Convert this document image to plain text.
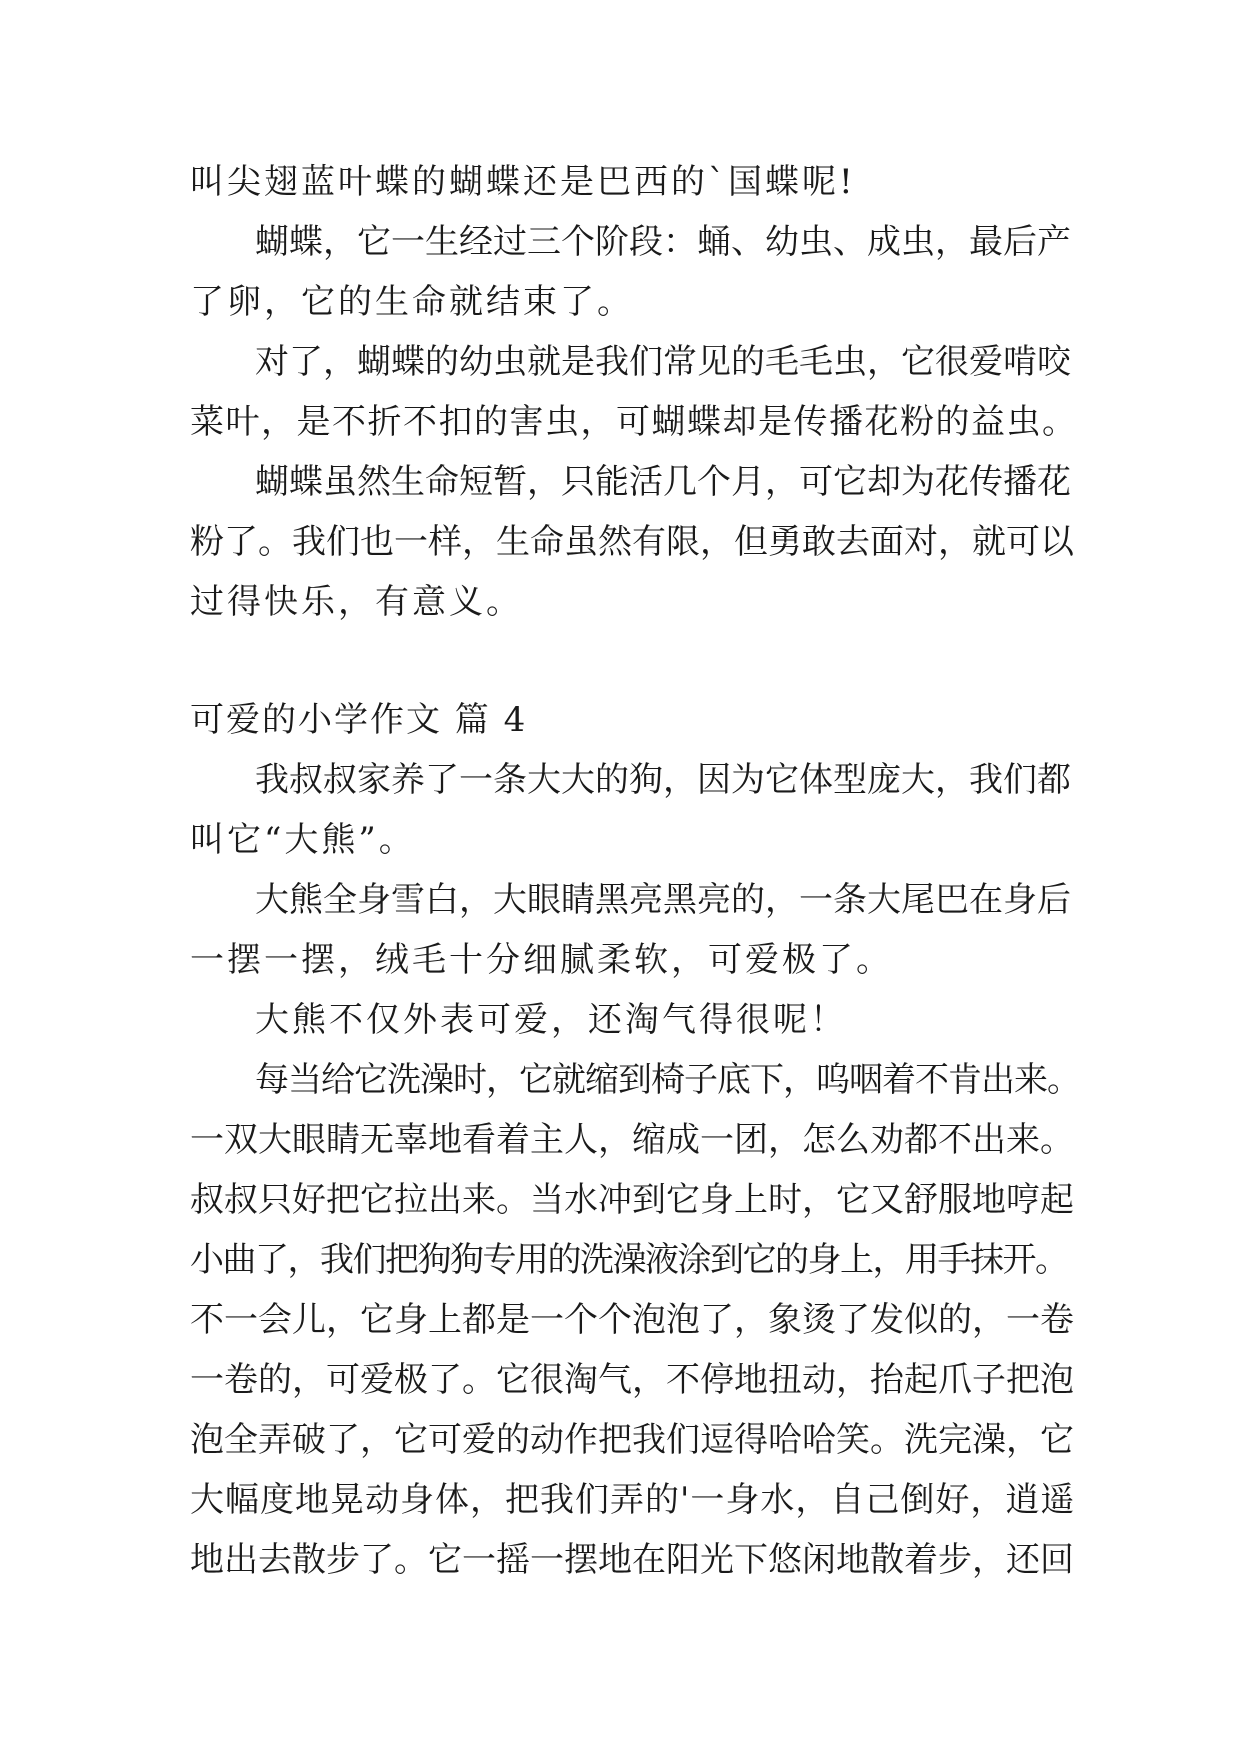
叫尖翅蓝叶蝶的蝴蝶还是巴西的`国蝶呢!
蝴蝶，它一生经过三个阶段：蛹、幼虫、成虫，最后产
了卵，它的生命就结束了。
对了，蝴蝶的幼虫就是我们常见的毛毛虫，它很爱啃咬
菜叶，是不折不扣的害虫，可蝴蝶却是传播花粉的益虫。
蝴蝶虽然生命短暂，只能活几个月，可它却为花传播花
粉了。我们也一样，生命虽然有限，但勇敢去面对，就可以
过得快乐，有意义。
可爱的小学作文 篇 4
我叔叔家养了一条大大的狗，因为它体型庞大，我们都
叫它“大熊”。
大熊全身雪白，大眼睛黑亮黑亮的，一条大尾巴在身后
一摆一摆，绒毛十分细腻柔软，可爱极了。
大熊不仅外表可爱，还淘气得很呢！
每当给它洗澡时，它就缩到椅子底下，呜咽着不肯出来。
一双大眼睛无辜地看着主人，缩成一团，怎么劝都不出来。
叔叔只好把它拉出来。当水冲到它身上时，它又舒服地哼起
小曲了，我们把狗狗专用的洗澡液涂到它的身上，用手抹开。
不一会儿，它身上都是一个个泡泡了，象烫了发似的，一卷
一卷的，可爱极了。它很淘气，不停地扭动，抬起爪子把泡
泡全弄破了，它可爱的动作把我们逗得哈哈笑。洗完澡，它
大幅度地晃动身体，把我们弄的'一身水，自己倒好，逍遥
地出去散步了。它一摇一摆地在阳光下悠闲地散着步，还回
